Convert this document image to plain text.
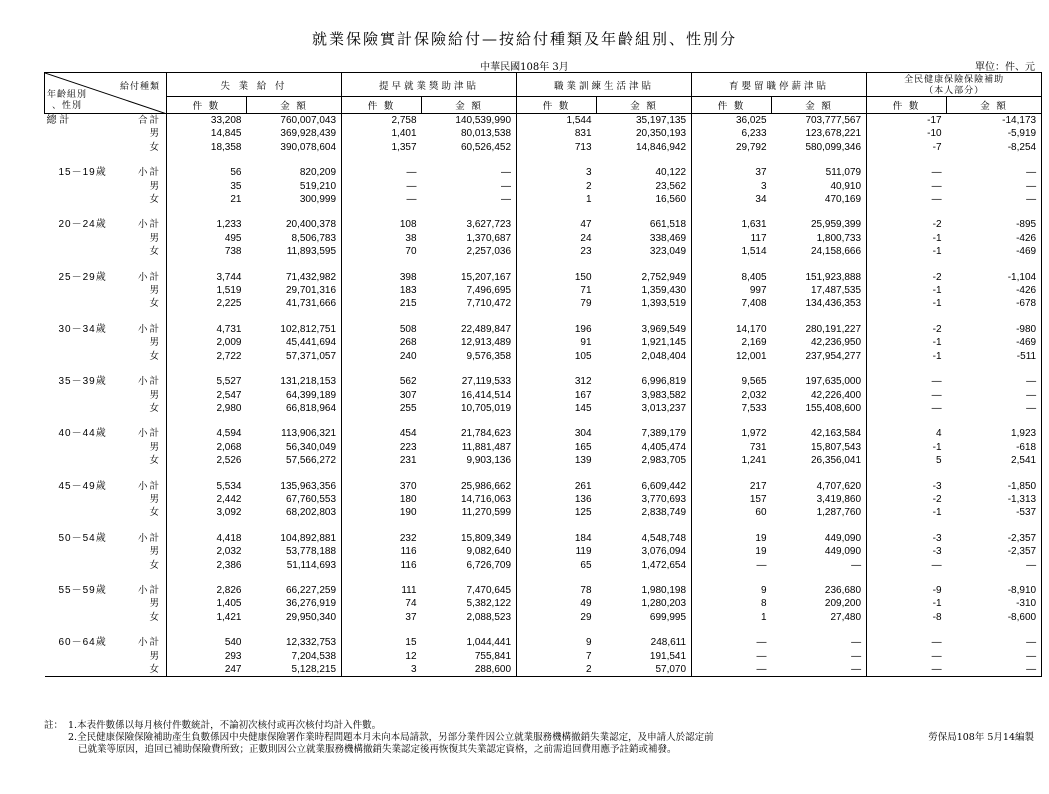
就業保險實計保險給付—按給付種類及年齡組別、性別分
中華民國108年 3月	單位：件、元
給付種類
年齡組別
、性別		失 業 給 付		提早就業獎助津貼		職業訓練生活津貼		育嬰留職停薪津貼		全民健康保險保險補助
（本人部分）	
		件 數	金 額	件 數	金 額	件 數	金 額	件 數	金 額	件 數	金 額
總 計	合計	33,208	760,007,043	2,758	140,539,990	1,544	35,197,135	36,025	703,777,567	-17	-14,173
	男	14,845	369,928,439	1,401	80,013,538	831	20,350,193	6,233	123,678,221	-10	-5,919
	女	18,358	390,078,604	1,357	60,526,452	713	14,846,942	29,792	580,099,346	-7	-8,254

15－19歲	小計	56	820,209	—	—	3	40,122	37	511,079	—	—
	男	35	519,210	—	—	2	23,562	3	40,910	—	—
	女	21	300,999	—	—	1	16,560	34	470,169	—	—

20－24歲	小計	1,233	20,400,378	108	3,627,723	47	661,518	1,631	25,959,399	-2	-895
	男	495	8,506,783	38	1,370,687	24	338,469	117	1,800,733	-1	-426
	女	738	11,893,595	70	2,257,036	23	323,049	1,514	24,158,666	-1	-469

25－29歲	小計	3,744	71,432,982	398	15,207,167	150	2,752,949	8,405	151,923,888	-2	-1,104
	男	1,519	29,701,316	183	7,496,695	71	1,359,430	997	17,487,535	-1	-426
	女	2,225	41,731,666	215	7,710,472	79	1,393,519	7,408	134,436,353	-1	-678

30－34歲	小計	4,731	102,812,751	508	22,489,847	196	3,969,549	14,170	280,191,227	-2	-980
	男	2,009	45,441,694	268	12,913,489	91	1,921,145	2,169	42,236,950	-1	-469
	女	2,722	57,371,057	240	9,576,358	105	2,048,404	12,001	237,954,277	-1	-511

35－39歲	小計	5,527	131,218,153	562	27,119,533	312	6,996,819	9,565	197,635,000	—	—
	男	2,547	64,399,189	307	16,414,514	167	3,983,582	2,032	42,226,400	—	—
	女	2,980	66,818,964	255	10,705,019	145	3,013,237	7,533	155,408,600	—	—

40－44歲	小計	4,594	113,906,321	454	21,784,623	304	7,389,179	1,972	42,163,584	4	1,923
	男	2,068	56,340,049	223	11,881,487	165	4,405,474	731	15,807,543	-1	-618
	女	2,526	57,566,272	231	9,903,136	139	2,983,705	1,241	26,356,041	5	2,541

45－49歲	小計	5,534	135,963,356	370	25,986,662	261	6,609,442	217	4,707,620	-3	-1,850
	男	2,442	67,760,553	180	14,716,063	136	3,770,693	157	3,419,860	-2	-1,313
	女	3,092	68,202,803	190	11,270,599	125	2,838,749	60	1,287,760	-1	-537

50－54歲	小計	4,418	104,892,881	232	15,809,349	184	4,548,748	19	449,090	-3	-2,357
	男	2,032	53,778,188	116	9,082,640	119	3,076,094	19	449,090	-3	-2,357
	女	2,386	51,114,693	116	6,726,709	65	1,472,654	—	—	—	—

55－59歲	小計	2,826	66,227,259	111	7,470,645	78	1,980,198	9	236,680	-9	-8,910
	男	1,405	36,276,919	74	5,382,122	49	1,280,203	8	209,200	-1	-310
	女	1,421	29,950,340	37	2,088,523	29	699,995	1	27,480	-8	-8,600

60－64歲	小計	540	12,332,753	15	1,044,441	9	248,611	—	—	—	—
	男	293	7,204,538	12	755,841	7	191,541	—	—	—	—
	女	247	5,128,215	3	288,600	2	57,070	—	—	—	—
註： 1.本表件數係以每月核付件數統計，不論初次核付或再次核付均計入件數。
2.全民健康保險保險補助產生負數係因中央健康保險署作業時程問題本月未向本局請款，另部分業件因公立就業服務機構撤銷失業認定，及申請人於認定前	勞保局108年 5月14編製
已就業等原因，追回已補助保險費所致；正數則因公立就業服務機構撤銷失業認定後再恢復其失業認定資格，之前需追回費用應予註銷或補發。
